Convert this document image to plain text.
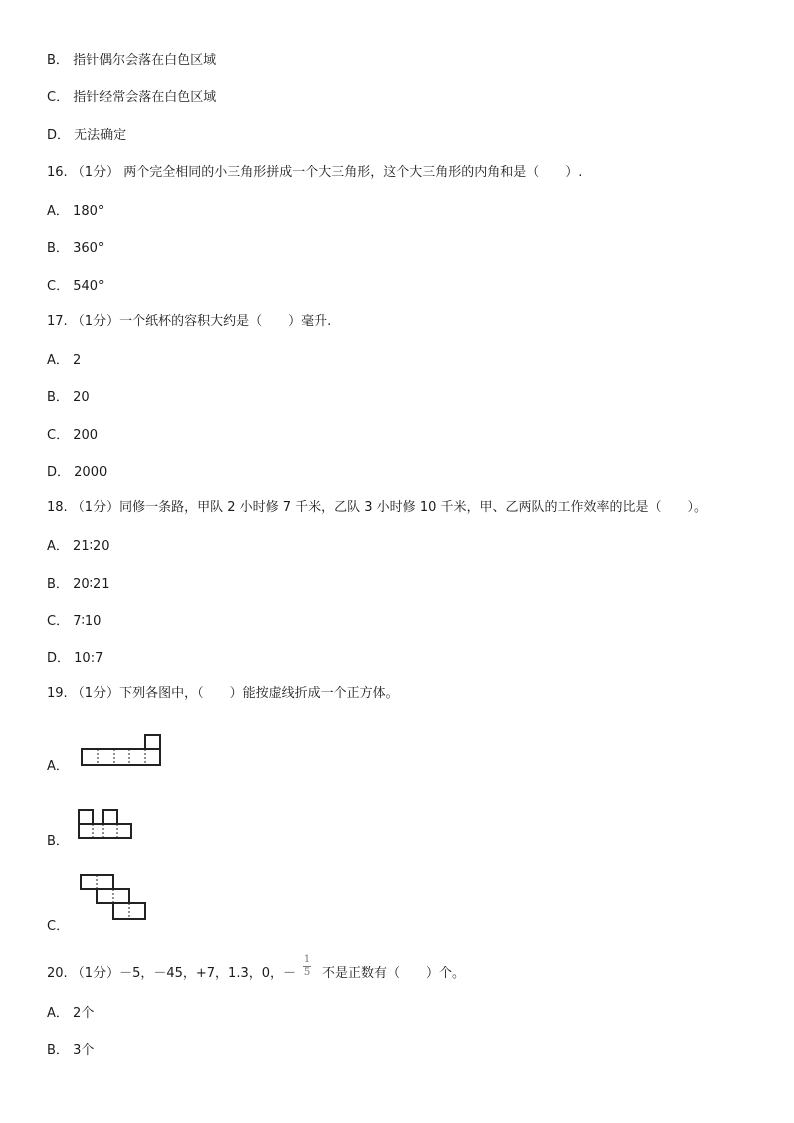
B． 指针偶尔会落在白色区域
C． 指针经常会落在白色区域
D． 无法确定
16. （1分） 两个完全相同的小三角形拼成一个大三角形，这个大三角形的内角和是（　　）.
A． 180°
B． 360°
C． 540°
17. （1分）一个纸杯的容积大约是（　　）毫升.
A． 2
B． 20
C． 200
D． 2000
18. （1分）同修一条路，甲队 2 小时修 7 千米，乙队 3 小时修 10 千米，甲、乙两队的工作效率的比是（　　）。
A． 21∶20
B． 20∶21
C． 7∶10
D． 10:7
19. （1分）下列各图中，（　　）能按虚线折成一个正方体。
A．
B．
C．
20. （1分）－5，－45，+7，1.3，0，－ 不是正数有（　　）个。
1
5
A． 2个
B． 3个
